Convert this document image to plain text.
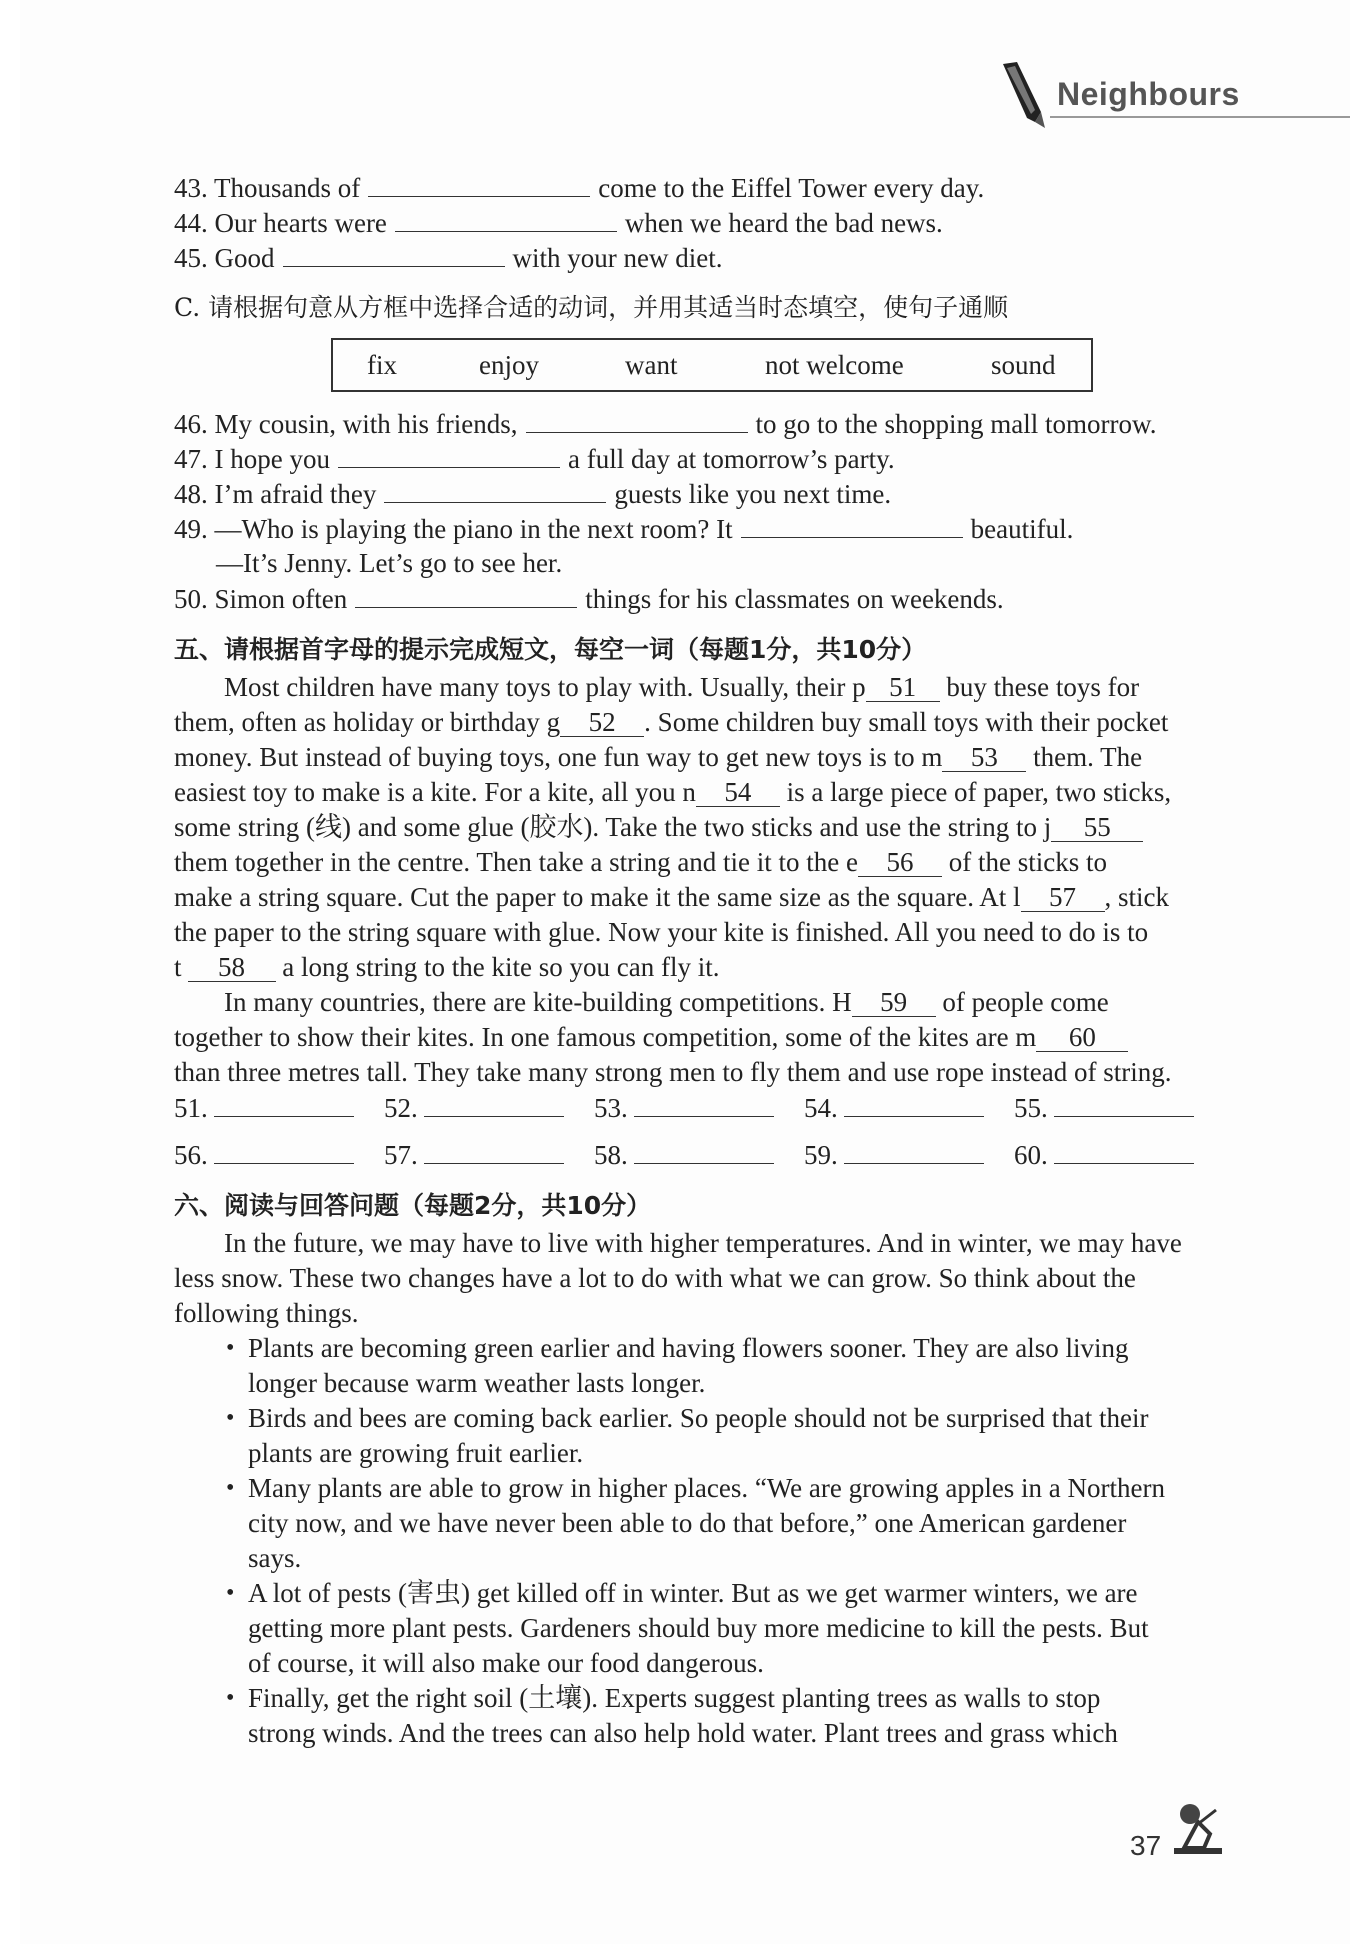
Neighbours
43. Thousands of	come to the Eiffel Tower every day.
44. Our hearts were	when we heard the bad news.
45. Good	with your new diet.
C. 请根据句意从方框中选择合适的动词，并用其适当时态填空，使句子通顺
fix	enjoy	want	not welcome	sound
46. My cousin, with his friends,	to go to the shopping mall tomorrow.
47. I hope you	a full day at tomorrow’s party.
48. I’m afraid they	guests like you next time.
49. —Who is playing the piano in the next room? It	beautiful.
—It’s Jenny. Let’s go to see her.
50. Simon often	things for his classmates on weekends.
五、请根据首字母的提示完成短文，每空一词（每题1分，共10分）
Most children have many toys to play with. Usually, their p 51 buy these toys for
them, often as holiday or birthday g 52 . Some children buy small toys with their pocket
money. But instead of buying toys, one fun way to get new toys is to m 53 them. The
easiest toy to make is a kite. For a kite, all you n 54 is a large piece of paper, two sticks,
some string (线) and some glue (胶水). Take the two sticks and use the string to j 55
them together in the centre. Then take a string and tie it to the e 56 of the sticks to
make a string square. Cut the paper to make it the same size as the square. At l 57 , stick
the paper to the string square with glue. Now your kite is finished. All you need to do is to
t 58 a long string to the kite so you can fly it.
In many countries, there are kite-building competitions. H 59 of people come
together to show their kites. In one famous competition, some of the kites are m 60
than three metres tall. They take many strong men to fly them and use rope instead of string.
51.	52.	53.	54.	55.
56.	57.	58.	59.	60.
六、阅读与回答问题（每题2分，共10分）
In the future, we may have to live with higher temperatures. And in winter, we may have
less snow. These two changes have a lot to do with what we can grow. So think about the
following things.
• Plants are becoming green earlier and having flowers sooner. They are also living
longer because warm weather lasts longer.
• Birds and bees are coming back earlier. So people should not be surprised that their
plants are growing fruit earlier.
• Many plants are able to grow in higher places. “We are growing apples in a Northern
city now, and we have never been able to do that before,” one American gardener
says.
• A lot of pests (害虫) get killed off in winter. But as we get warmer winters, we are
getting more plant pests. Gardeners should buy more medicine to kill the pests. But
of course, it will also make our food dangerous.
• Finally, get the right soil (土壤). Experts suggest planting trees as walls to stop
strong winds. And the trees can also help hold water. Plant trees and grass which
37
